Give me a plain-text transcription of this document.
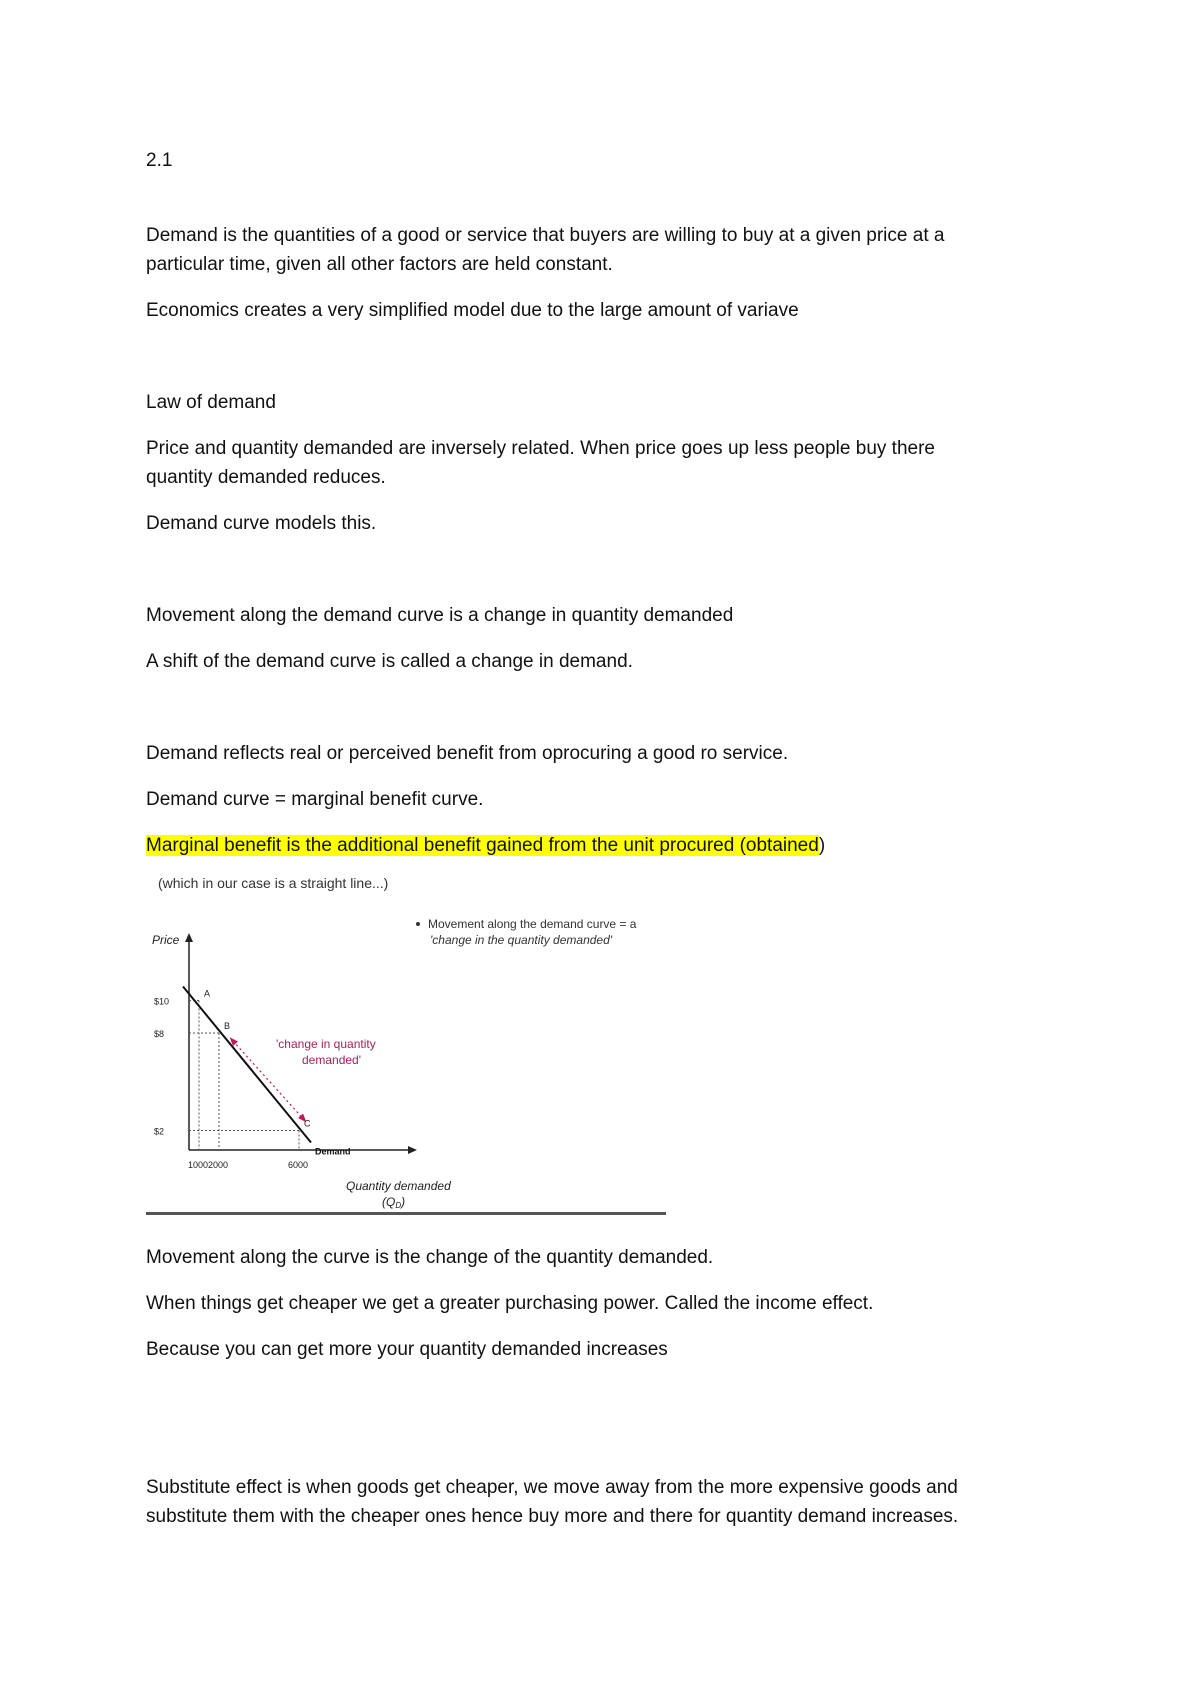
2.1
Demand is the quantities of a good or service that buyers are willing to buy at a given price at a
particular time, given all other factors are held constant.
Economics creates a very simplified model due to the large amount of variave
Law of demand
Price and quantity demanded are inversely related. When price goes up less people buy there
quantity demanded reduces.
Demand curve models this.
Movement along the demand curve is a change in quantity demanded
A shift of the demand curve is called a change in demand.
Demand reflects real or perceived benefit from oprocuring a good ro service.
Demand curve = marginal benefit curve.
Marginal benefit is the additional benefit gained from the unit procured (obtained)
(which in our case is a straight line...)
Movement along the demand curve = a
'change in the quantity demanded'
Price
'change in quantity
demanded'
A
B
C
$10
$8
$2
1000 2000	6000
Demand
Quantity demanded
(QD)
Movement along the curve is the change of the quantity demanded.
When things get cheaper we get a greater purchasing power. Called the income effect.
Because you can get more your quantity demanded increases
Substitute effect is when goods get cheaper, we move away from the more expensive goods and
substitute them with the cheaper ones hence buy more and there for quantity demand increases.
